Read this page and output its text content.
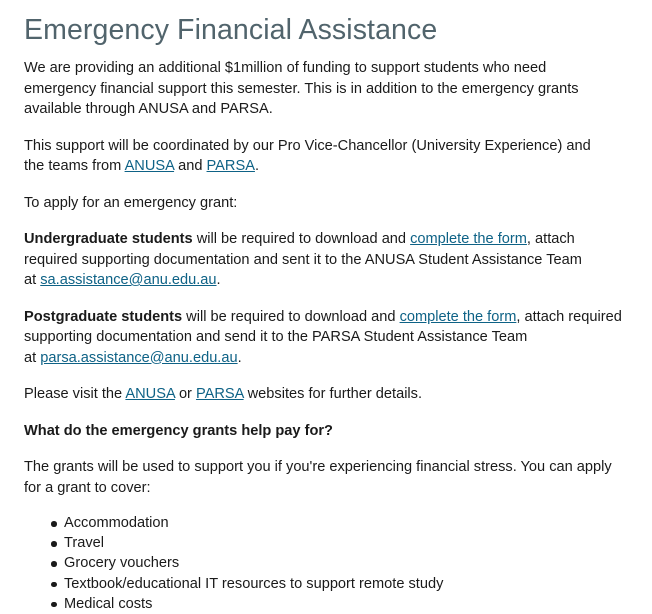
Emergency Financial Assistance

We are providing an additional $1million of funding to support students who need
emergency financial support this semester. This is in addition to the emergency grants
available through ANUSA and PARSA.

This support will be coordinated by our Pro Vice-Chancellor (University Experience) and
the teams from ANUSA and PARSA.

To apply for an emergency grant:

Undergraduate students will be required to download and complete the form, attach
required supporting documentation and sent it to the ANUSA Student Assistance Team
at sa.assistance@anu.edu.au.

Postgraduate students will be required to download and complete the form, attach required
supporting documentation and send it to the PARSA Student Assistance Team
at parsa.assistance@anu.edu.au.

Please visit the ANUSA or PARSA websites for further details.

What do the emergency grants help pay for?

The grants will be used to support you if you're experiencing financial stress. You can apply
for a grant to cover:

Accommodation
Travel
Grocery vouchers
Textbook/educational IT resources to support remote study
Medical costs
